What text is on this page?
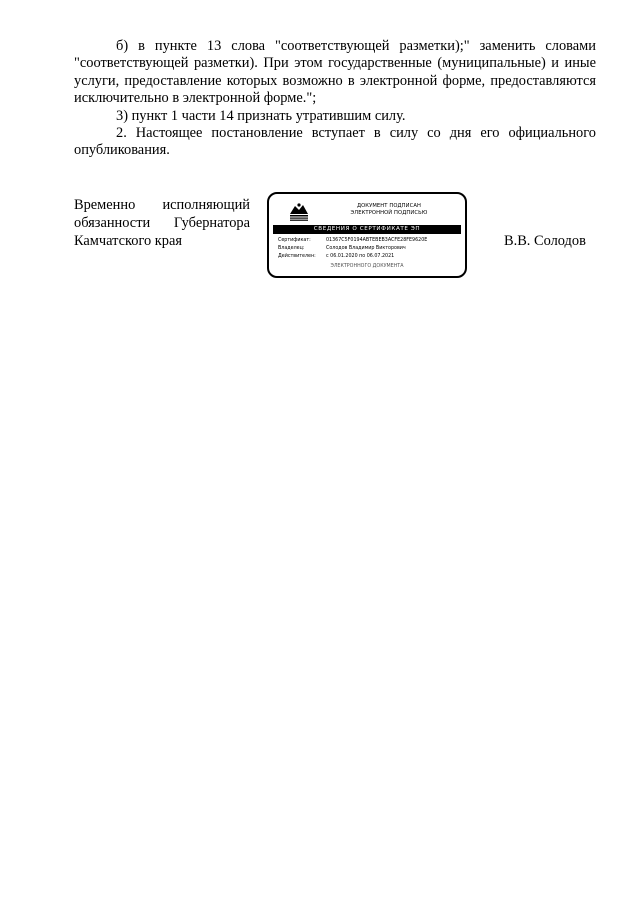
б) в пункте 13 слова "соответствующей разметки);" заменить словами "соответствующей разметки). При этом государственные (муниципальные) и иные услуги, предоставление которых возможно в электронной форме, предоставляются исключительно в электронной форме.";

3) пункт 1 части 14 признать утратившим силу.

2. Настоящее постановление вступает в силу со дня его официального опубликования.

Временно исполняющий
обязанности Губернатора
Камчатского края
ДОКУМЕНТ ПОДПИСАН
ЭЛЕКТРОННОЙ ПОДПИСЬЮ
СВЕДЕНИЯ О СЕРТИФИКАТЕ ЭП
Сертификат:	01367C5F0194ABTEBEB3ACFE28FE9620E
Владелец:	Солодов Владимир Викторович
Действителен: с 06.01.2020 по 06.07.2021
ЭЛЕКТРОННОГО ДОКУМЕНТА
В.В. Солодов
